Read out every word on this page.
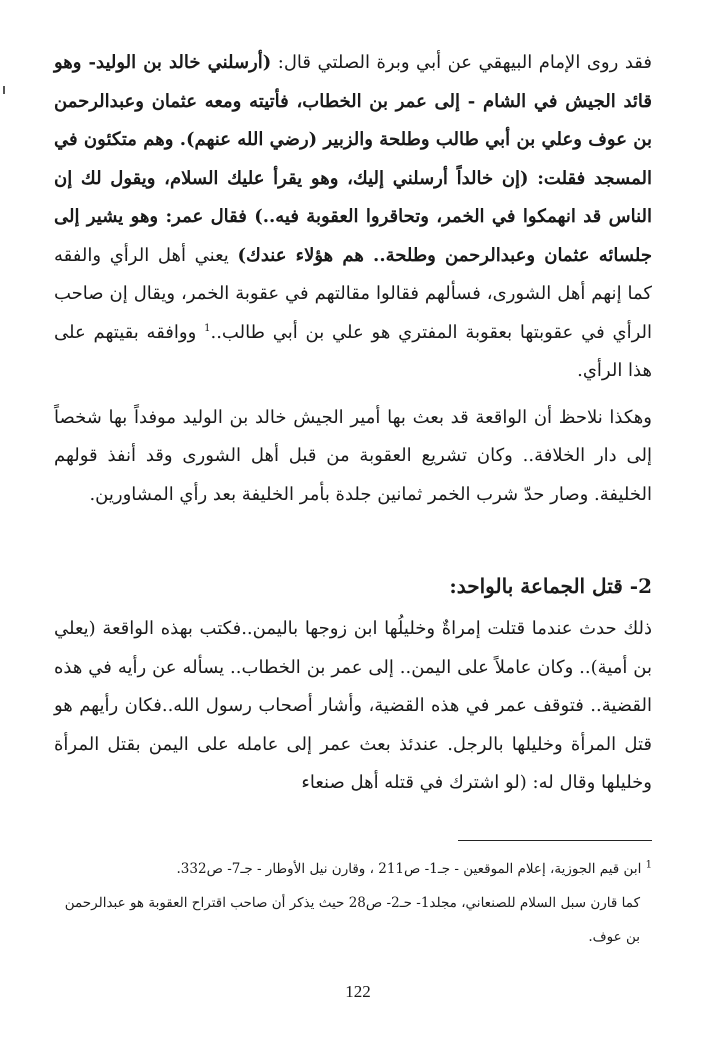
فقد روى الإمام البيهقي عن أبي وبرة الصلتي قال: (أرسلني خالد بن الوليد- وهو قائد الجيش في الشام - إلى عمر بن الخطاب، فأتيته ومعه عثمان وعبدالرحمن بن عوف وعلي بن أبي طالب وطلحة والزبير (رضي الله عنهم). وهم متكئون في المسجد فقلت: (إن خالداً أرسلني إليك، وهو يقرأ عليك السلام، ويقول لك إن الناس قد انهمكوا في الخمر، وتحاقروا العقوبة فيه..) فقال عمر: وهو يشير إلى جلسائه عثمان وعبدالرحمن وطلحة.. هم هؤلاء عندك) يعني أهل الرأي والفقه كما إنهم أهل الشورى، فسألهم فقالوا مقالتهم في عقوبة الخمر، ويقال إن صاحب الرأي في عقوبتها بعقوبة المفتري هو علي بن أبي طالب..$^1$ ووافقه بقيتهم على هذا الرأي.

وهكذا نلاحظ أن الواقعة قد بعث بها أمير الجيش خالد بن الوليد موفداً بها شخصاً إلى دار الخلافة.. وكان تشريع العقوبة من قبل أهل الشورى وقد أنفذ قولهم الخليفة. وصار حدّ شرب الخمر ثمانين جلدة بأمر الخليفة بعد رأي المشاورين.

2- قتل الجماعة بالواحد:

ذلك حدث عندما قتلت إمراةٌ وخليلُها ابن زوجها باليمن..فكتب بهذه الواقعة (يعلي بن أمية).. وكان عاملاً على اليمن.. إلى عمر بن الخطاب.. يسأله عن رأيه في هذه القضية.. فتوقف عمر في هذه القضية، وأشار أصحاب رسول الله..فكان رأيهم هو قتل المرأة وخليلها بالرجل. عندئذ بعث عمر إلى عامله على اليمن بقتل المرأة وخليلها وقال له: (لو اشترك في قتله أهل صنعاء

$^1$ ابن قيم الجوزية، إعلام الموقعين - جـ1- ص211 ، وقارن نيل الأوطار - جـ7- ص332.

كما قارن سبل السلام للصنعاني، مجلد1- حـ2- ص28 حيث يذكر أن صاحب اقتراح العقوبة هو عبدالرحمن بن عوف.

122
